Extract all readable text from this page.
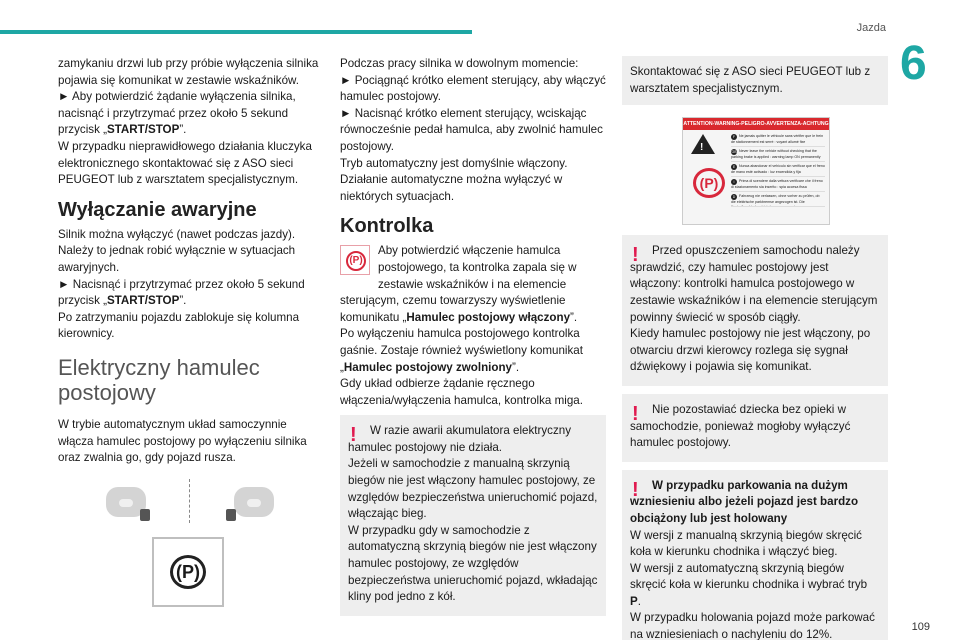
Jazda
6
109
zamykaniu drzwi lub przy próbie wyłączenia silnika pojawia się komunikat w zestawie wskaźników.
► Aby potwierdzić żądanie wyłączenia silnika, nacisnąć i przytrzymać przez około 5 sekund przycisk „START/STOP”.
W przypadku nieprawidłowego działania kluczyka elektronicznego skontaktować się z ASO sieci PEUGEOT lub z warsztatem specjalistycznym.
Wyłączanie awaryjne
Silnik można wyłączyć (nawet podczas jazdy). Należy to jednak robić wyłącznie w sytuacjach awaryjnych.
► Nacisnąć i przytrzymać przez około 5 sekund przycisk „START/STOP”.
Po zatrzymaniu pojazdu zablokuje się kolumna kierownicy.
Elektryczny hamulec
postojowy
W trybie automatycznym układ samoczynnie włącza hamulec postojowy po wyłączeniu silnika oraz zwalnia go, gdy pojazd rusza.
(P)
Podczas pracy silnika w dowolnym momencie:
► Pociągnąć krótko element sterujący, aby włączyć hamulec postojowy.
► Nacisnąć krótko element sterujący, wciskając równocześnie pedał hamulca, aby zwolnić hamulec postojowy.
Tryb automatyczny jest domyślnie włączony.
Działanie automatyczne można wyłączyć w niektórych sytuacjach.
Kontrolka
(P)
Aby potwierdzić włączenie hamulca postojowego, ta kontrolka zapala się w zestawie wskaźników i na elemencie sterującym, czemu towarzyszy wyświetlenie komunikatu „Hamulec postojowy włączony”.
Po wyłączeniu hamulca postojowego kontrolka gaśnie. Zostaje również wyświetlony komunikat „Hamulec postojowy zwolniony”.
Gdy układ odbierze żądanie ręcznego włączenia/wyłączenia hamulca, kontrolka miga.
!	W razie awarii akumulatora elektryczny hamulec postojowy nie działa.
Jeżeli w samochodzie z manualną skrzynią biegów nie jest włączony hamulec postojowy, ze względów bezpieczeństwa unieruchomić pojazd, włączając bieg.
W przypadku gdy w samochodzie z automatyczną skrzynią biegów nie jest włączony hamulec postojowy, ze względów bezpieczeństwa unieruchomić pojazd, wkładając kliny pod jedno z kół.
Skontaktować się z ASO sieci PEUGEOT lub z warsztatem specjalistycznym.
ATTENTION-WARNING-PELIGRO-AVVERTENZA-ACHTUNG
!
(P)
F Ne jamais quitter le véhicule sans vérifier que le frein de stationnement est serré : voyant allumé fixe
GB Never leave the vehicle without checking that the parking brake is applied : warning lamp ON permanently
E Nunca abandonar el vehículo sin verificar que el freno de mano esté activado : luz encendida y fija
I Prima di scendere dalla vettura verificare che il freno di stazionamento sia inserito : spia accesa fissa
D Fahrzeug nie verlassen, ohne vorher zu prüfen, ob die elektrische parkbremse angezogen ist. Die Kontrolleuchte leuchtet dann permanent
!	Przed opuszczeniem samochodu należy sprawdzić, czy hamulec postojowy jest włączony: kontrolki hamulca postojowego w zestawie wskaźników i na elemencie sterującym powinny świecić w sposób ciągły.
Kiedy hamulec postojowy nie jest włączony, po otwarciu drzwi kierowcy rozlega się sygnał dźwiękowy i pojawia się komunikat.
!	Nie pozostawiać dziecka bez opieki w samochodzie, ponieważ mogłoby wyłączyć hamulec postojowy.
!	W przypadku parkowania na dużym wzniesieniu albo jeżeli pojazd jest bardzo obciążony lub jest holowany
W wersji z manualną skrzynią biegów skręcić koła w kierunku chodnika i włączyć bieg.
W wersji z automatyczną skrzynią biegów skręcić koła w kierunku chodnika i wybrać tryb P.
W przypadku holowania pojazd może parkować na wzniesieniach o nachyleniu do 12%.
